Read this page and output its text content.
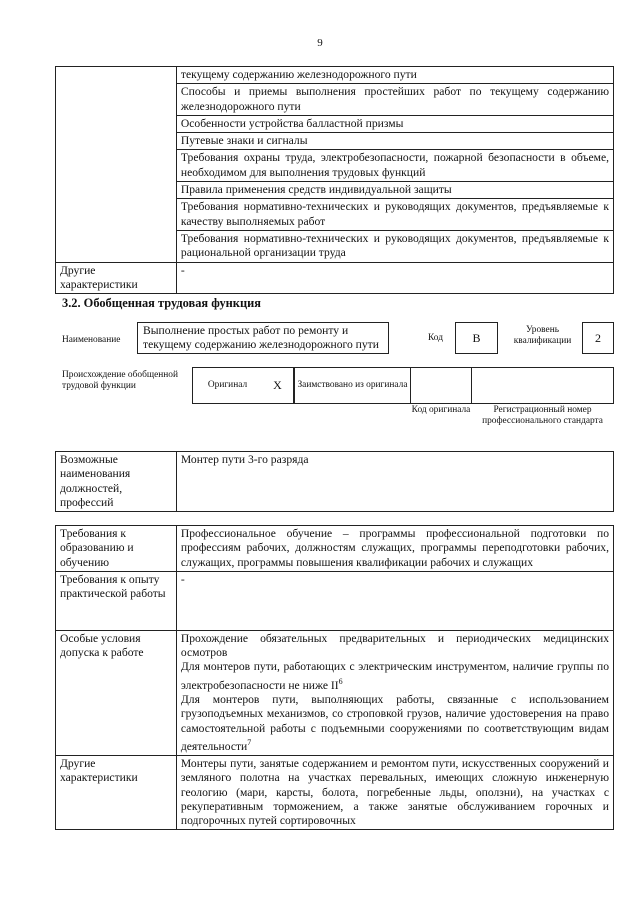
9
	текущему содержанию железнодорожного пути
	Способы и приемы выполнения простейших работ по текущему содержанию железнодорожного пути
	Особенности устройства балластной призмы
	Путевые знаки и сигналы
	Требования охраны труда, электробезопасности, пожарной безопасности в объеме, необходимом для выполнения трудовых функций
	Правила применения средств индивидуальной защиты
	Требования нормативно-технических и руководящих документов, предъявляемые к качеству выполняемых работ
	Требования нормативно-технических и руководящих документов, предъявляемые к рациональной организации труда
Другие характеристики	-
3.2. Обобщенная трудовая функция
Наименование
Выполнение простых работ по ремонту и текущему содержанию железнодорожного пути
Код	B
Уровень квалификации	2
Происхождение обобщенной трудовой функции	Оригинал	X	Заимствовано из оригинала
Код оригинала	Регистрационный номер профессионального стандарта
Возможные наименования должностей, профессий	Монтер пути 3-го разряда
Требования к образованию и обучению	Профессиональное обучение – программы профессиональной подготовки по профессиям рабочих, должностям служащих, программы переподготовки рабочих, служащих, программы повышения квалификации рабочих и служащих
Требования к опыту практической работы	-
Особые условия допуска к работе	Прохождение обязательных предварительных и периодических медицинских осмотров
Для монтеров пути, работающих с электрическим инструментом, наличие группы по электробезопасности не ниже $II^6$
Для монтеров пути, выполняющих работы, связанные с использованием грузоподъемных механизмов, со строповкой грузов, наличие удостоверения на право самостоятельной работы с подъемными сооружениями по соответствующим видам деятельности$^7$

Другие характеристики	Монтеры пути, занятые содержанием и ремонтом пути, искусственных сооружений и земляного полотна на участках перевальных, имеющих сложную инженерную геологию (мари, карсты, болота, погребенные льды, оползни), на участках с рекуперативным торможением, а также занятые обслуживанием горочных и подгорочных путей сортировочных
